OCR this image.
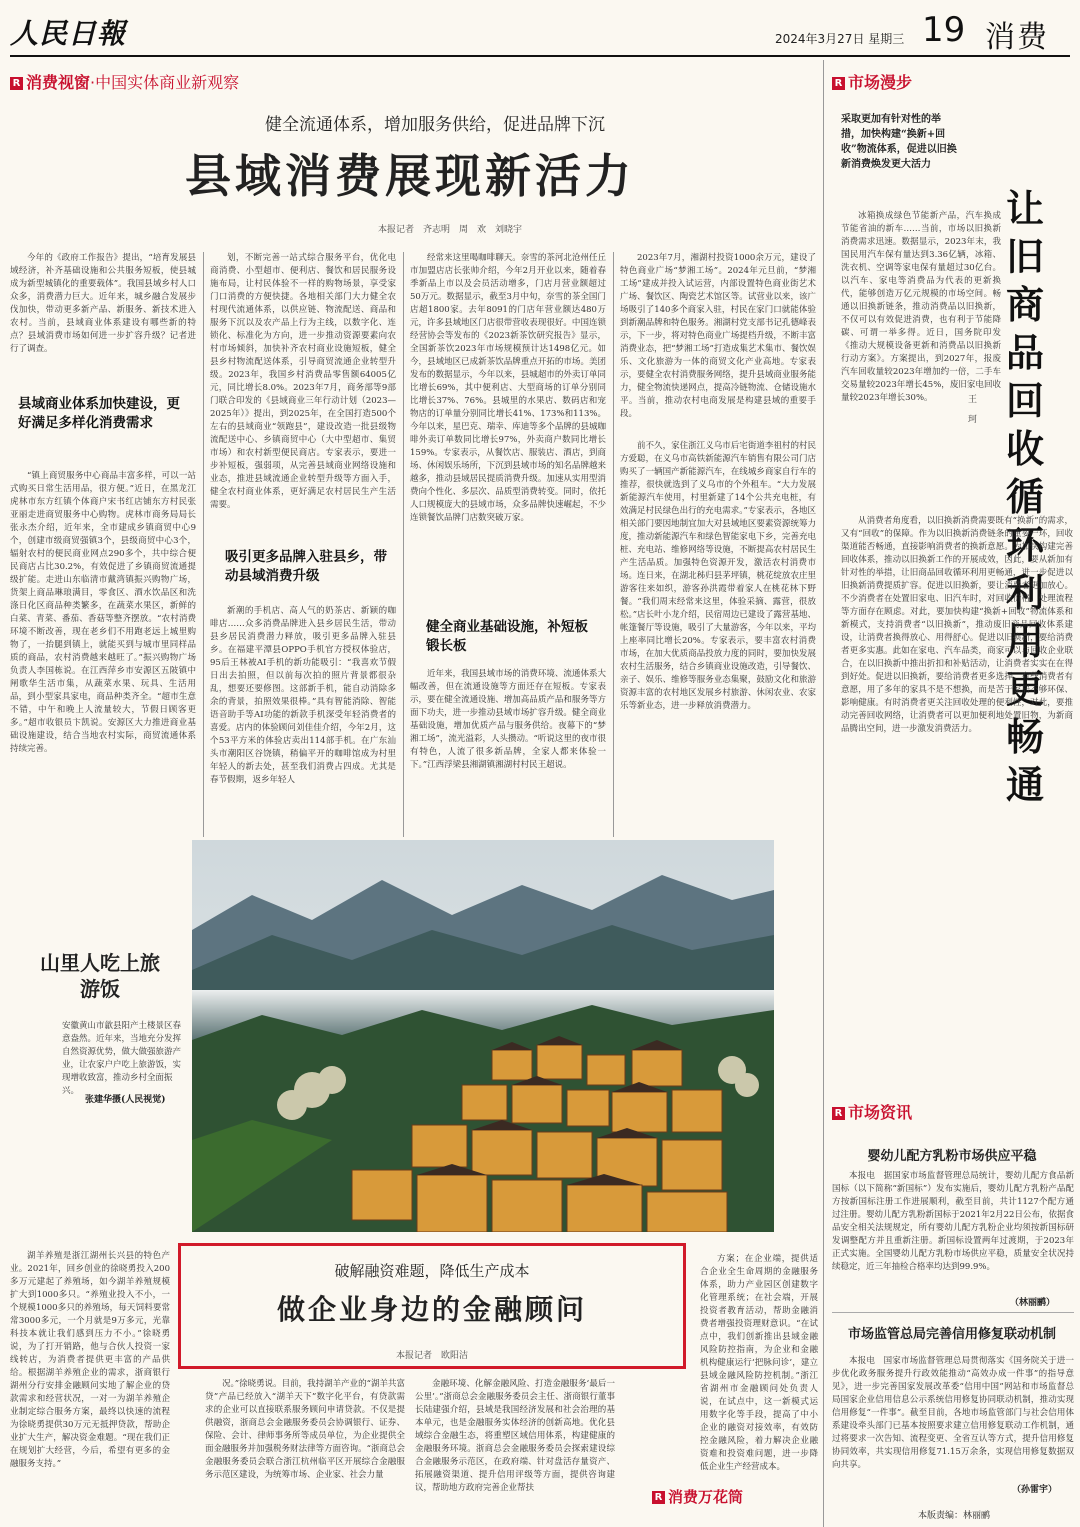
人民日報	2024年3月27日 星期三 19 消费
R 消费视窗·中国实体商业新观察	R 市场漫步
健全流通体系，增加服务供给，促进品牌下沉
县域消费展现新活力
本报记者　齐志明　周　欢　刘晓宇
今年的《政府工作报告》提出，“培育发展县域经济，补齐基础设施和公共服务短板，使县城成为新型城镇化的重要载体”。我国县域乡村人口众多，消费潜力巨大。近年来，城乡融合发展步伐加快，带动更多新产品、新服务、新技术进入农村。当前，县域商业体系建设有哪些新的特点？县域消费市场如何进一步扩容升级？记者进行了调查。
县域商业体系加快建设，更好满足多样化消费需求
“镇上商贸服务中心商品丰富多样，可以一站式购买日常生活用品，很方便。”近日，在黑龙江虎林市东方红镇个体商户宋书红店铺东方村民张亚丽走进商贸服务中心购物。虎林市商务局局长张永杰介绍，近年来，全市建成乡镇商贸中心9个，创建市级商贸强镇3个，县级商贸中心3个，辐射农村的便民商业网点290多个，共中综合便民商店占比30.2%，有效促进了乡镇商贸流通提级扩能。走进山东临清市戴湾镇振兴购物广场，货架上商品琳琅满目，零食区、酒水饮品区和洗涤日化区商品种类繁多，在蔬菜水果区，新鲜的白菜、青菜、番茄、香菇等整齐摆放。“农村消费环境不断改善，现在老乡们不用跑老远上城里购物了，一抬腿到镇上，就能买到与城市里同样品质的商品，农村消费越来越旺了。”振兴购物广场负责人李国栋说。在江西萍乡市安源区五陂镇中闸歌华生活市集，从蔬菜水果、玩具、生活用品，到小型家具家电，商品种类齐全。“超市生意不错，中午和晚上人流量较大，节假日顾客更多。”超市收银员卞凯说。安源区大力推进商业基础设施建设，结合当地农村实际，商贸流通体系持续完善。
划，不断完善一站式综合服务平台，优化电商消费、小型超市、便利店、餐饮和居民服务设施布局，让村民体验不一样的购物场景，享受家门口消费的方便快捷。各地相关部门大力健全农村现代流通体系，以供应链、物流配送、商品和服务下沉以及农产品上行为主线，以数字化、连锁化、标准化为方向，进一步推动资源要素向农村市场倾斜，加快补齐农村商业设施短板，健全县乡村物流配送体系，引导商贸流通企业转型升级。2023年，我国乡村消费品零售额64005亿元，同比增长8.0%。2023年7月，商务部等9部门联合印发的《县域商业三年行动计划（2023—2025年）》提出，到2025年，在全国打造500个左右的县域商业“领跑县”，建设改造一批县级物流配送中心、乡镇商贸中心（大中型超市、集贸市场）和农村新型便民商店。专家表示，要进一步补短板，强弱项，从完善县域商业网络设施和业态，推进县域流通企业转型升级等方面入手，健全农村商业体系，更好满足农村居民生产生活需要。
吸引更多品牌入驻县乡，带动县域消费升级
新潮的手机店、高人气的奶茶店、新颖的咖啡店……众多消费品牌进入县乡居民生活，带动县乡居民消费潜力释放，吸引更多品牌入驻县乡。在福建平潭县OPPO手机官方授权体验店，95后王林被AI手机的新功能吸引：“我喜欢节假日出去拍照，但以前每次拍的照片背景都很杂乱，想要还要修图。这部新手机，能自动消除多余的背景，拍照效果很棒。”具有智能消除、智能语音助手等AI功能的新款手机深受年轻消费者的喜爱。店内的体验顾问刘佳佳介绍，今年2月，这个53平方米的体验店卖出114部手机。在广东汕头市潮阳区谷饶镇，稍偏平开的咖啡馆成为村里年轻人的新去处，甚至我们消费占四成。尤其是春节假期，返乡年轻人
经常来这里喝咖啡聊天。奈雪的茶河北沧州任丘市加盟店店长张帅介绍，今年2月开业以来，随着春季新品上市以及会员活动增多，门店月营业额超过50万元。数据显示，截至3月中旬，奈雪的茶全国门店超1800家。去年8091的门店年营业额达480万元，许多县域地区门店很带营收表现很好。中国连锁经营协会等发布的《2023新茶饮研究报告》显示，全国新茶饮2023年市场规模预计达1498亿元。如今，县域地区已成新茶饮品牌重点开拓的市场。美团发布的数据显示，今年以来，县城超市的外卖订单同比增长69%，其中便利店、大型商场的订单分别同比增长37%、76%。县城里的水果店、数码店和宠物店的订单量分别同比增长41%、173%和113%。今年以来，星巴克、瑞幸、库迪等多个品牌的县城咖啡外卖订单数同比增长97%，外卖商户数同比增长159%。专家表示，从餐饮店、服装店、酒店，到商场、休闲娱乐场所，下沉到县域市场的知名品牌越来越多，推动县域居民提质消费升级。加速从实用型消费向个性化、多层次、品质型消费转变。同时，依托人口规模庞大的县域市场，众多品牌快速崛起，不少连锁餐饮品牌门店数突破万家。
健全商业基础设施，补短板锻长板
近年来，我国县域市场的消费环境、流通体系大幅改善，但在流通设施等方面还存在短板。专家表示，要在健全流通设施、增加高品质产品和服务等方面下功夫，进一步推动县域市场扩容升级。健全商业基础设施，增加优质产品与服务供给。夜幕下的“梦湘工场”，流光溢彩，人头攒动。“听说这里的夜市很有特色，人流了很多新品牌，全家人都来体验一下。”江西浮梁县湘湖镇湘湖村村民王超说。
2023年7月，湘湖村投资1000余万元，建设了特色商业广场“梦湘工场”。2024年元旦前，“梦湘工场”建成并投入试运营，内部设置特色商业街艺术广场、餐饮区、陶瓷艺术馆区等。试营业以来，该广场吸引了140多个商家入驻，村民在家门口就能体验到新潮品牌和特色服务。湘湖村党支部书记孔德峰表示，下一步，将对特色商业广场提档升级，不断丰富消费业态，把“梦湘工场”打造成集艺术集市、餐饮娱乐、文化旅游为一体的商贸文化产业高地。专家表示，要健全农村消费服务网络，提升县域商业服务能力，健全物流快递网点，提高冷链物流、仓储设施水平。当前，推动农村电商发展是构建县域的重要手段。
前不久，家住浙江义乌市后宅街道李祖村的村民方爱聪，在义乌市高铁新能源汽车销售有限公司门店购买了一辆国产新能源汽车，在线城乡商家自行车的推荐，很快就选到了义乌市的个外租车。“大力发展新能源汽车使用，村里新建了14个公共充电桩，有效满足村民绿色出行的充电需求。”专家表示，各地区相关部门要因地制宜加大对县域地区要素资源统筹力度，推动新能源汽车和绿色智能家电下乡，完善充电桩、充电站、维修网络等设施，不断提高农村居民生产生活品质。加强特色资源开发，激活农村消费市场。连日来，在湖北秭归县茅坪镇，桃花绽放农庄里游客往来如织，游客孙洪霞带着家人在桃花林下野餐。“我们周末经常来这里，体验采摘、露营，很放松。”店长叶小龙介绍，民宿周边已建设了露营基地、帐篷餐厅等设施，吸引了大量游客，今年以来，平均上座率同比增长20%。专家表示，要丰富农村消费市场，在加大优质商品投放力度的同时，要加快发展农村生活服务，结合乡镇商业设施改造，引导餐饮、亲子、娱乐、维修等服务业态集聚，鼓励文化和旅游资源丰富的农村地区发展乡村旅游、休闲农业、农家乐等新业态，进一步释放消费潜力。
采取更加有针对性的举措，加快构建“换新+回收”物流体系，促进以旧换新消费焕发更大活力
让旧商品回收循环利用更畅通
王 珂
冰箱换成绿色节能新产品，汽车换成节能省油的新车……当前，市场以旧换新消费需求迅速。数据显示，2023年末，我国民用汽车保有量达到3.36亿辆，冰箱、洗衣机、空调等家电保有量超过30亿台。以汽车、家电等消费品为代表的更新换代，能够创造万亿元规模的市场空间。畅通以旧换新链条，推动消费品以旧换新，不仅可以有效促进消费，也有利于节能降碳、可谓一举多得。近日，国务院印发《推动大规模设备更新和消费品以旧换新行动方案》。方案提出，到2027年，报废汽车回收量较2023年增加约一倍，二手车交易量较2023年增长45%，废旧家电回收量较2023年增长30%。
从消费者角度看，以旧换新消费需要既有“换新”的需求，又有“回收”的保障。作为以旧换新消费链条的重要一环，回收渠道能否畅通，直接影响消费者的换新意愿。为加快构建完善回收体系，推动以旧换新工作的开展成效，因此，要从新加有针对性的举措，让旧商品回收循环利用更畅通，进一步促进以旧换新消费提质扩容。促进以旧换新，要让消费者更加放心。不少消费者在处置旧家电、旧汽车时，对回收价格、处理流程等方面存在顾虑。对此，要加快构建“换新+回收”物流体系和新模式，支持消费者“以旧换新”，推动废旧商品回收体系建设，让消费者换得放心、用得舒心。促进以旧换新，要给消费者更多实惠。此如在家电、汽车品类，商家可以与回收企业联合，在以旧换新中推出折扣和补贴活动，让消费者实实在在得到好处。促进以旧换新，要给消费者更多选择。有些消费者有意愿，用了多年的家具不是不想换，而是苦于家居不够环保、影响健康。有时消费者更关注回收处理的便利性，对此，要推动完善回收网络，让消费者可以更加便利地处置旧物，为新商品腾出空间，进一步激发消费活力。
R 市场资讯
婴幼儿配方乳粉市场供应平稳
本报电　据国家市场监督管理总局统计，婴幼儿配方食品新国标（以下简称“新国标”）发布实施后，婴幼儿配方乳粉产品配方按新国标注册工作进展顺利，截至目前，共计1127个配方通过注册。婴幼儿配方乳粉新国标于2021年2月22日公布，依据食品安全相关法规规定，所有婴幼儿配方乳粉企业均须按新国标研发调整配方并且重新注册。新国标设置两年过渡期，于2023年正式实施。全国婴幼儿配方乳粉市场供应平稳，质量安全状况持续稳定，近三年抽检合格率均达到99.9%。
（林丽鹂）
市场监管总局完善信用修复联动机制
本报电　国家市场监督管理总局贯彻落实《国务院关于进一步优化政务服务提升行政效能推动“高效办成一件事”的指导意见》，进一步完善国家发展改革委“信用中国”网站和市场监督总局国家企业信用信息公示系统信用修复协同联动机制，推动实现信用修复“一件事”。截至目前，各地市场监管部门与社会信用体系建设牵头部门已基本按照要求建立信用修复联动工作机制，通过将要求一次告知、流程变更、全省互认等方式，提升信用修复协同效率，共实现信用修复71.15万余条，实现信用修复数据双向共享。
（孙雷宇）
本版责编：林丽鹂
山里人吃上旅游饭
安徽黄山市歙县阳产土楼景区春意盎然。近年来，当地充分发挥自然资源优势，做大做强旅游产业，让农家户户吃上旅游饭，实现增收致富，推动乡村全面振兴。
张建华摄(人民视觉)
破解融资难题，降低生产成本
做企业身边的金融顾问
本报记者　欧阳洁
湖羊养殖是浙江湖州长兴县的特色产业。2021年，回乡创业的徐晓勇投入200多万元建起了养殖场，如今湖羊养殖规模扩大到1000多只。“养殖业投入不小，一个规模1000多只的养殖场，每天饲料要常常3000多元，一个月就是9万多元，光靠科技本就让我们感到压力不小。”徐晓勇说，为了打开销路，他与合伙人投资一家线转店，为消费者提供更丰富的产品供给。根据湖羊养殖企业的需求，浙商银行湖州分行安排金融顾问实地了解企业的贷款需求和经营状况，一对一为湖羊养殖企业制定综合服务方案，最终以快速的流程为徐晓勇提供30万元无抵押贷款，帮助企业扩大生产，解决资金难题。“现在我们正在规划扩大经营，今后，希望有更多的金融服务支持。”
况。”徐晓勇说。目前，我持湖羊产业的“湖羊共富贷”产品已经放入“湖羊天下”数字化平台，有贷款需求的企业可以直接联系服务顾问申请贷款。不仅是提供融资，浙商总会金融服务委员会协调银行、证券、保险、会计、律师事务所等成员单位，为企业提供全面金融服务并加强税务财法律等方面咨询。“浙商总会金融服务委员会联合浙江杭州临平区开展综合金融服务示范区建设，为统筹市场、企业家、社会力量
金融环境、化解金融风险、打造金融服务‘最后一公里’。”浙商总会金融服务委员会主任、浙商银行董事长陆建强介绍，县域是我国经济发展和社会治理的基本单元，也是金融服务实体经济的创新高地。优化县域综合金融生态，将重塑区域信用体系，构建健康的金融服务环境。浙商总会金融服务委员会探索建设综合金融服务示范区，在政府端、针对盘活存量资产、拓展融资渠道、提升信用评级等方面，提供咨询建议，帮助地方政府完善企业帮扶
方案；在企业端，提供适合企业全生命周期的金融服务体系，助力产业园区创建数字化管理系统；在社会端，开展投资者教育活动，帮助金融消费者增强投资理财意识。“在试点中，我们创新推出县域金融风险防控指南，为企业和金融机构健康运行‘把脉问诊’，建立县域金融风险防控机制。”浙江省湖州市金融顾问处负责人说，在试点中，这一新模式运用数字化等手段，提高了中小企业的融资对接效率，有效防控金融风险，着力解决企业融资难和投资难问题，进一步降低企业生产经营成本。
R 消费万花筒
